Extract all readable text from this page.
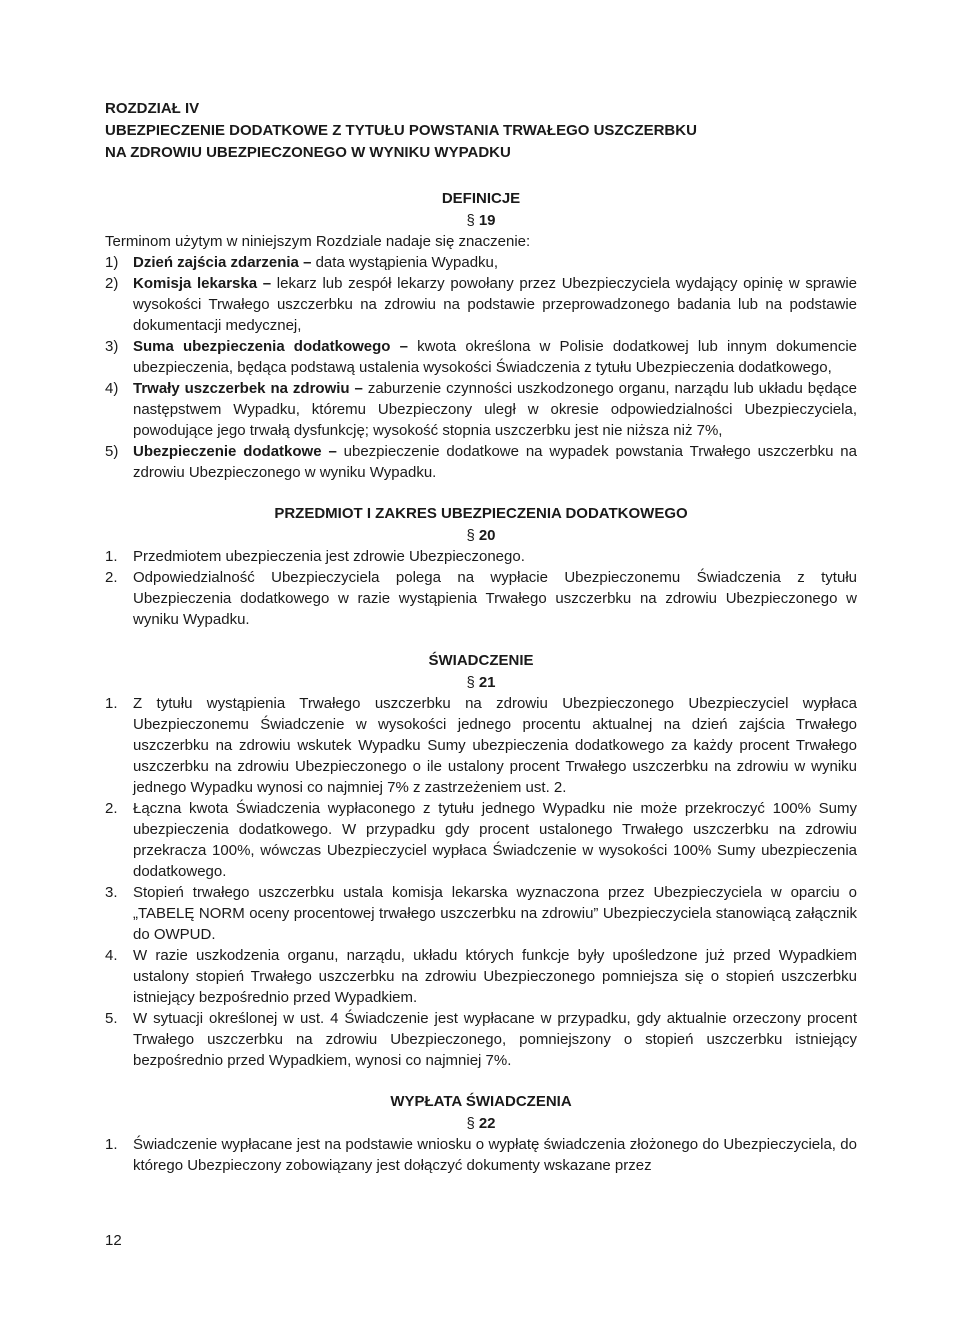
ROZDZIAŁ IV

UBEZPIECZENIE DODATKOWE Z TYTUŁU POWSTANIA TRWAŁEGO USZCZERBKU

NA ZDROWIU UBEZPIECZONEGO W WYNIKU WYPADKU

DEFINICJE

§ 19

Terminom użytym w niniejszym Rozdziale nadaje się znaczenie:

1) Dzień zajścia zdarzenia – data wystąpienia Wypadku,
2) Komisja lekarska – lekarz lub zespół lekarzy powołany przez Ubezpieczyciela wydający opinię w sprawie wysokości Trwałego uszczerbku na zdrowiu na podstawie przeprowadzonego badania lub na podstawie dokumentacji medycznej,
3) Suma ubezpieczenia dodatkowego – kwota określona w Polisie dodatkowej lub innym dokumencie ubezpieczenia, będąca podstawą ustalenia wysokości Świadczenia z tytułu Ubezpieczenia dodatkowego,
4) Trwały uszczerbek na zdrowiu – zaburzenie czynności uszkodzonego organu, narządu lub układu będące następstwem Wypadku, któremu Ubezpieczony uległ w okresie odpowiedzialności Ubezpieczyciela, powodujące jego trwałą dysfunkcję; wysokość stopnia uszczerbku jest nie niższa niż 7%,
5) Ubezpieczenie dodatkowe – ubezpieczenie dodatkowe na wypadek powstania Trwałego uszczerbku na zdrowiu Ubezpieczonego w wyniku Wypadku.

PRZEDMIOT I ZAKRES UBEZPIECZENIA DODATKOWEGO

§ 20

1. Przedmiotem ubezpieczenia jest zdrowie Ubezpieczonego.
2. Odpowiedzialność Ubezpieczyciela polega na wypłacie Ubezpieczonemu Świadczenia z tytułu Ubezpieczenia dodatkowego w razie wystąpienia Trwałego uszczerbku na zdrowiu Ubezpieczonego w wyniku Wypadku.

ŚWIADCZENIE

§ 21

1. Z tytułu wystąpienia Trwałego uszczerbku na zdrowiu Ubezpieczonego Ubezpieczyciel wypłaca Ubezpieczonemu Świadczenie w wysokości jednego procentu aktualnej na dzień zajścia Trwałego uszczerbku na zdrowiu wskutek Wypadku Sumy ubezpieczenia dodatkowego za każdy procent Trwałego uszczerbku na zdrowiu Ubezpieczonego o ile ustalony procent Trwałego uszczerbku na zdrowiu w wyniku jednego Wypadku wynosi co najmniej 7% z zastrzeżeniem ust. 2.
2. Łączna kwota Świadczenia wypłaconego z tytułu jednego Wypadku nie może przekroczyć 100% Sumy ubezpieczenia dodatkowego. W przypadku gdy procent ustalonego Trwałego uszczerbku na zdrowiu przekracza 100%, wówczas Ubezpieczyciel wypłaca Świadczenie w wysokości 100% Sumy ubezpieczenia dodatkowego.
3. Stopień trwałego uszczerbku ustala komisja lekarska wyznaczona przez Ubezpieczyciela w oparciu o „TABELĘ NORM oceny procentowej trwałego uszczerbku na zdrowiu” Ubezpieczyciela stanowiącą załącznik do OWPUD.
4. W razie uszkodzenia organu, narządu, układu których funkcje były upośledzone już przed Wypadkiem ustalony stopień Trwałego uszczerbku na zdrowiu Ubezpieczonego pomniejsza się o stopień uszczerbku istniejący bezpośrednio przed Wypadkiem.
5. W sytuacji określonej w ust. 4 Świadczenie jest wypłacane w przypadku, gdy aktualnie orzeczony procent Trwałego uszczerbku na zdrowiu Ubezpieczonego, pomniejszony o stopień uszczerbku istniejący bezpośrednio przed Wypadkiem, wynosi co najmniej 7%.

WYPŁATA ŚWIADCZENIA

§ 22

1. Świadczenie wypłacane jest na podstawie wniosku o wypłatę świadczenia złożonego do Ubezpieczyciela, do którego Ubezpieczony zobowiązany jest dołączyć dokumenty wskazane przez
12
